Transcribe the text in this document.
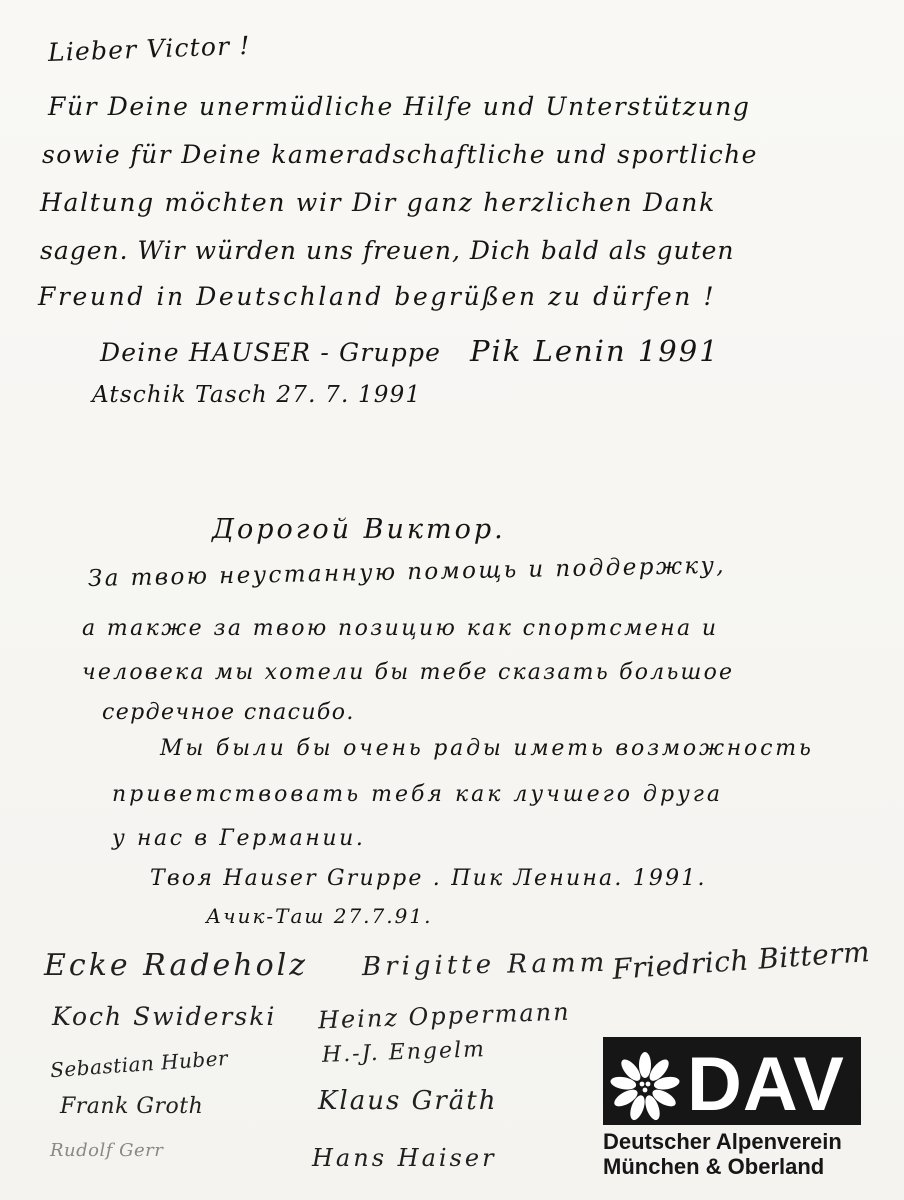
Lieber Victor !
Für Deine unermüdliche Hilfe und Unterstützung
sowie für Deine kameradschaftliche und sportliche
Haltung möchten wir Dir ganz herzlichen Dank
sagen. Wir würden uns freuen, Dich bald als guten
Freund in Deutschland begrüßen zu dürfen !
Deine HAUSER - Gruppe Pik Lenin 1991
Atschik Tasch 27. 7. 1991
Дорогой Виктор.
За твою неустанную помощь и поддержку,
а также за твою позицию как спортсмена и
человека мы хотели бы тебе сказать большое
сердечное спасибо.
Мы были бы очень рады иметь возможность
приветствовать тебя как лучшего друга
у нас в Германии.
Твоя Hauser Gruppe . Пик Ленина. 1991.
Ачик-Таш 27.7.91.
Ecke Radeholz Brigitte Ramm Friedrich Bitterm
Koch Swiderski Heinz Oppermann
Sebastian Huber	H.-J. Engelm
Frank Groth	Klaus Gräth
Rudolf Gerr	Hans Haiser
DAV
Deutscher Alpenverein
München & Oberland
